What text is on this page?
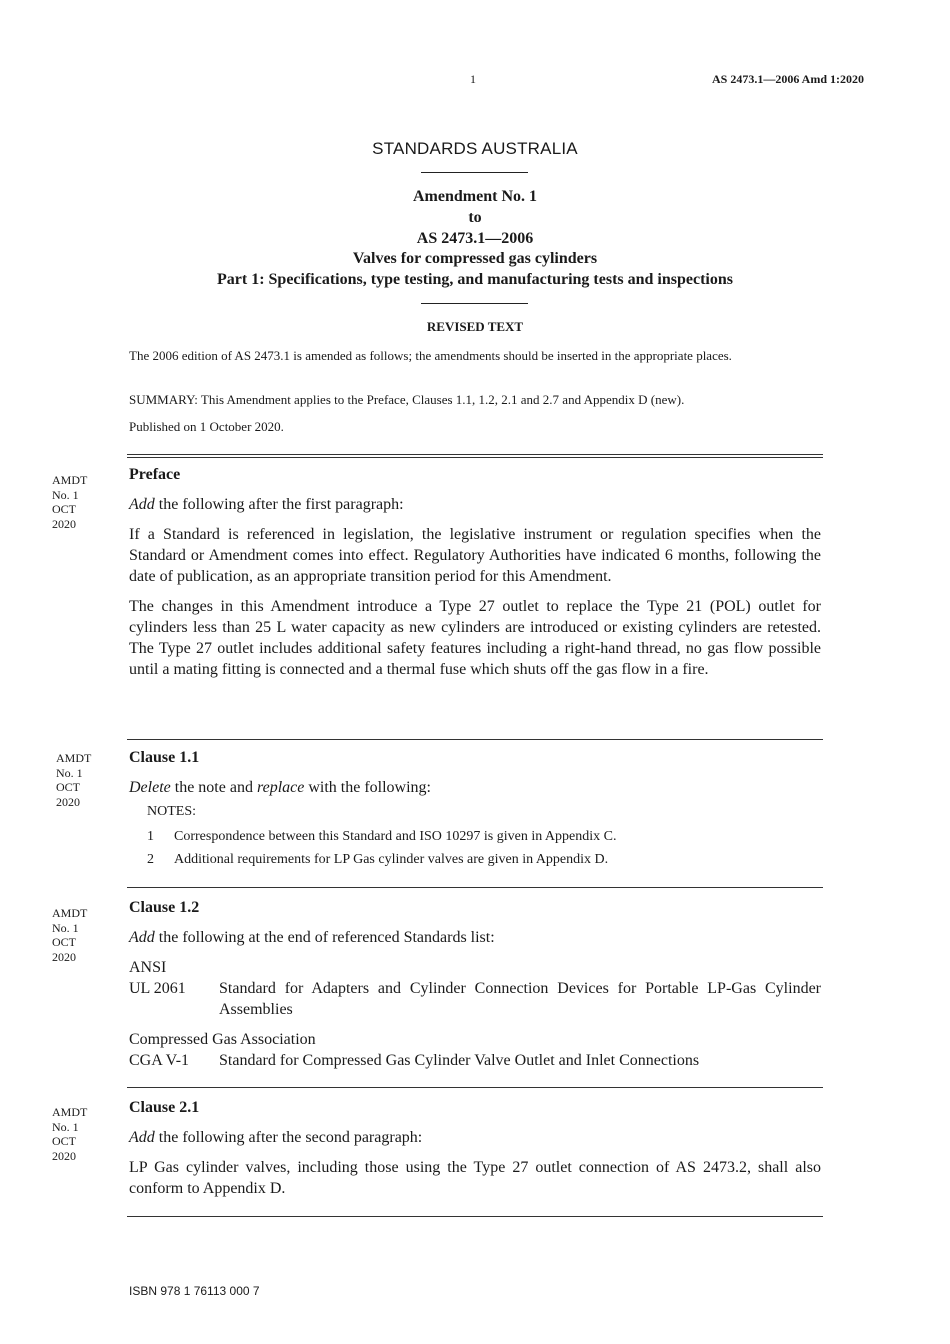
1	AS 2473.1—2006 Amd 1:2020
STANDARDS AUSTRALIA
Amendment No. 1
to
AS 2473.1—2006
Valves for compressed gas cylinders
Part 1: Specifications, type testing, and manufacturing tests and inspections
REVISED TEXT
The 2006 edition of AS 2473.1 is amended as follows; the amendments should be inserted in the appropriate places.
SUMMARY: This Amendment applies to the Preface, Clauses 1.1, 1.2, 2.1 and 2.7 and Appendix D (new).
Published on 1 October 2020.
AMDT
No. 1
OCT
2020
Preface

Add the following after the first paragraph:

If a Standard is referenced in legislation, the legislative instrument or regulation specifies when the Standard or Amendment comes into effect. Regulatory Authorities have indicated 6 months, following the date of publication, as an appropriate transition period for this Amendment.

The changes in this Amendment introduce a Type 27 outlet to replace the Type 21 (POL) outlet for cylinders less than 25 L water capacity as new cylinders are introduced or existing cylinders are retested. The Type 27 outlet includes additional safety features including a right-hand thread, no gas flow possible until a mating fitting is connected and a thermal fuse which shuts off the gas flow in a fire.

AMDT
No. 1
OCT
2020
Clause 1.1

Delete the note and replace with the following:

NOTES:
1	Correspondence between this Standard and ISO 10297 is given in Appendix C.
2	Additional requirements for LP Gas cylinder valves are given in Appendix D.
AMDT
No. 1
OCT
2020
Clause 1.2

Add the following at the end of referenced Standards list:

ANSI
UL 2061	Standard for Adapters and Cylinder Connection Devices for Portable LP-Gas Cylinder Assemblies
Compressed Gas Association
CGA V-1	Standard for Compressed Gas Cylinder Valve Outlet and Inlet Connections
AMDT
No. 1
OCT
2020
Clause 2.1

Add the following after the second paragraph:

LP Gas cylinder valves, including those using the Type 27 outlet connection of AS 2473.2, shall also conform to Appendix D.

ISBN 978 1 76113 000 7
